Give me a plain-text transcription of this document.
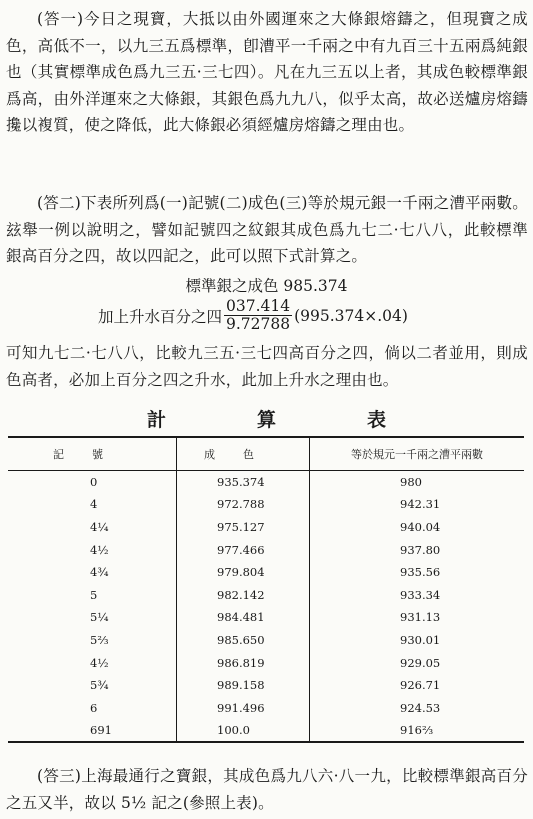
(答一)今日之現寶，大抵以由外國運來之大條銀熔鑄之，但現寶之成色，高低不一，以九三五爲標準，卽漕平一千兩之中有九百三十五兩爲純銀也（其實標準成色爲九三五·三七四）。凡在九三五以上者，其成色較標準銀爲高，由外洋運來之大條銀，其銀色爲九九八，似乎太高，故必送爐房熔鑄攙以複質，使之降低，此大條銀必須經爐房熔鑄之理由也。

(答二)下表所列爲(一)記號(二)成色(三)等於規元銀一千兩之漕平兩數。玆舉一例以說明之，譬如記號四之紋銀其成色爲九七二·七八八，此較標準銀高百分之四，故以四記之，此可以照下式計算之。

標準銀之成色 985.374
加上升水百分之四 $\frac{037.414}{9.72788} (995.374\times.04)$

可知九七二·七八八，比較九三五·三七四高百分之四，倘以二者並用，則成色高者，必加上百分之四之升水，此加上升水之理由也。

計	算	表
記號	成色	等於規元一千兩之漕平兩數
0	935.374	980
4	972.788	942.31
4¼	975.127	940.04
4½	977.466	937.80
4¾	979.804	935.56
5	982.142	933.34
5¼	984.481	931.13
5⅔	985.650	930.01
4½	986.819	929.05
5¾	989.158	926.71
6	991.496	924.53
691	100.0	916⅔

(答三)上海最通行之寶銀，其成色爲九八六·八一九，比較標準銀高百分之五又半，故以 5½ 記之(參照上表)。
